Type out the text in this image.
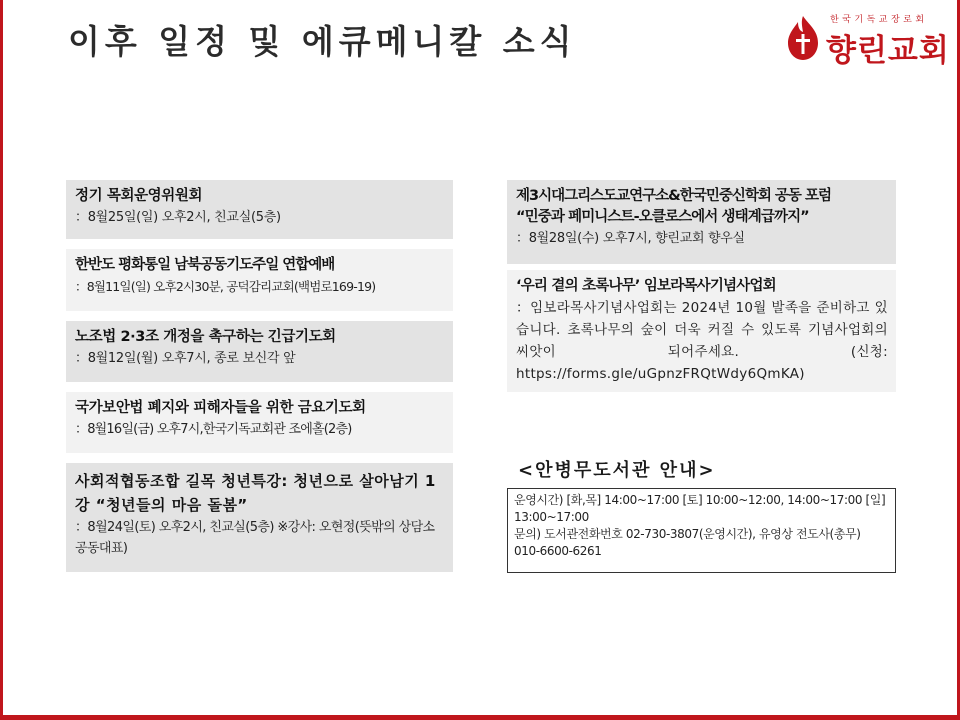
이후 일정 및 에큐메니칼 소식
한국기독교장로회
향린교회
정기 목회운영위원회
：8월25일(일) 오후2시, 친교실(5층)
한반도 평화통일 남북공동기도주일 연합예배
：8월11일(일) 오후2시30분, 공덕감리교회(백범로169-19)
노조법 2·3조 개정을 촉구하는 긴급기도회
：8월12일(월) 오후7시, 종로 보신각 앞
국가보안법 폐지와 피해자들을 위한 금요기도회
：8월16일(금) 오후7시,한국기독교회관 조에홀(2층)
사회적협동조합 길목 청년특강: 청년으로 살아남기 1강 “청년들의 마음 돌봄”
：8월24일(토) 오후2시, 친교실(5층) ※강사: 오현정(뜻밖의 상담소 공동대표)
제3시대그리스도교연구소&한국민중신학회 공동 포럼
“민중과 페미니스트-오클로스에서 생태계급까지”
：8월28일(수) 오후7시, 향린교회 향우실
‘우리 곁의 초록나무’ 임보라목사기념사업회
：임보라목사기념사업회는 2024년 10월 발족을 준비하고 있습니다. 초록나무의 숲이 더욱 커질 수 있도록 기념사업회의 씨앗이 되어주세요. (신청: https://forms.gle/uGpnzFRQtWdy6QmKA)
<안병무도서관 안내>
운영시간) [화,목] 14:00~17:00 [토] 10:00~12:00, 14:00~17:00 [일] 13:00~17:00
문의) 도서관전화번호 02-730-3807(운영시간), 유영상 전도사(총무) 010-6600-6261
